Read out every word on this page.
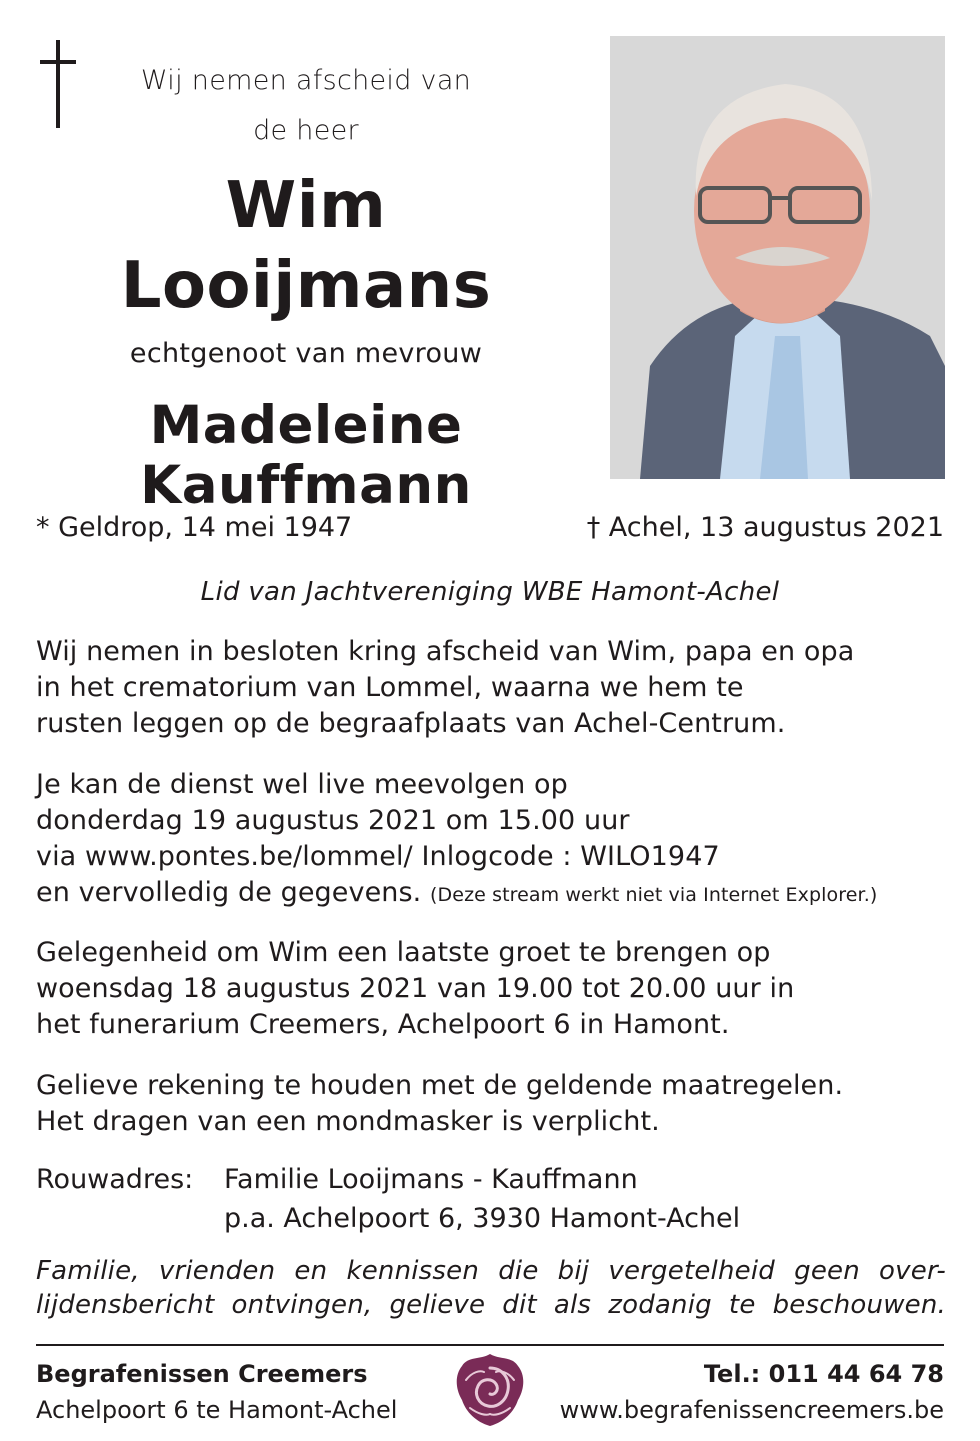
Wij nemen afscheid van
de heer
Wim Looijmans
echtgenoot van mevrouw
Madeleine
Kauffmann
* Geldrop, 14 mei 1947	† Achel, 13 augustus 2021
Lid van Jachtvereniging WBE Hamont-Achel
Wij nemen in besloten kring afscheid van Wim, papa en opa
in het crematorium van Lommel, waarna we hem te
rusten leggen op de begraafplaats van Achel-Centrum.
Je kan de dienst wel live meevolgen op
donderdag 19 augustus 2021 om 15.00 uur
via www.pontes.be/lommel/ Inlogcode : WILO1947
en vervolledig de gegevens. (Deze stream werkt niet via Internet Explorer.)
Gelegenheid om Wim een laatste groet te brengen op
woensdag 18 augustus 2021 van 19.00 tot 20.00 uur in
het funerarium Creemers, Achelpoort 6 in Hamont.
Gelieve rekening te houden met de geldende maatregelen.
Het dragen van een mondmasker is verplicht.
Rouwadres:	Familie Looijmans - Kauffmann
p.a. Achelpoort 6, 3930 Hamont-Achel
Familie, vrienden en kennissen die bij vergetelheid geen over-
lijdensbericht ontvingen, gelieve dit als zodanig te beschouwen.
Begrafenissen Creemers
Achelpoort 6 te Hamont-Achel
Tel.: 011 44 64 78
www.begrafenissencreemers.be
